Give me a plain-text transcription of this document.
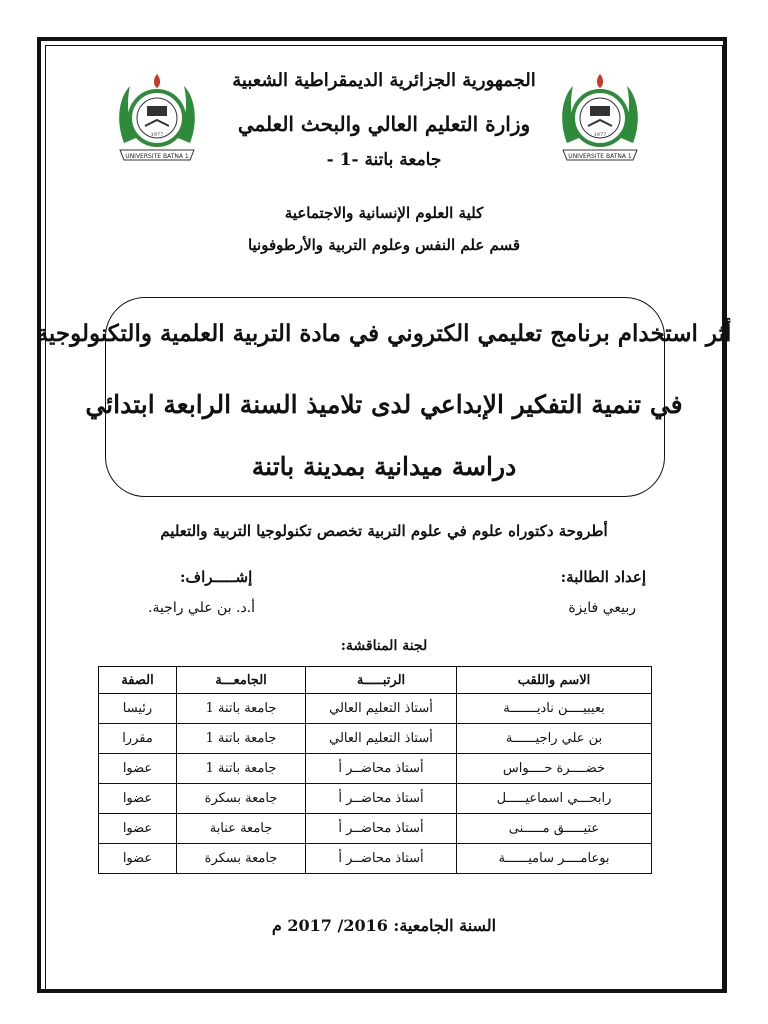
1977
UNIVERSITE BATNA 1
1977
UNIVERSITE BATNA 1
الجمهورية الجزائرية الديمقراطية الشعبية
وزارة التعليم العالي والبحث العلمي
جامعة باتنة -1 -
كلية العلوم الإنسانية والاجتماعية
قسم علم النفس وعلوم التربية والأرطوفونيا
أثر استخدام برنامج تعليمي الكتروني في مادة التربية العلمية والتكنولوجية
في تنمية التفكير الإبداعي لدى تلاميذ السنة الرابعة ابتدائي
دراسة ميدانية بمدينة باتنة
أطروحة دكتوراه علوم في علوم التربية تخصص تكنولوجيا التربية والتعليم
إعداد الطالبة:
ربيعي فايزة
إشـــــراف:
أ.د. بن علي راجية.
لجنة المناقشة:
الاسم واللقب	الرتبـــــة	الجامعـــة	الصفة
بعيبيــــن ناديـــــــة	أستاذ التعليم العالي	جامعة باتنة 1	رئيسا
بن علي راجيــــــة	أستاذ التعليم العالي	جامعة باتنة 1	مقررا
خضــــرة حــــواس	أستاذ محاضــر أ	جامعة باتنة 1	عضوا
رابحـــي اسماعيـــــل	أستاذ محاضــر أ	جامعة بسكرة	عضوا
عتيـــــق مـــــنى	أستاذ محاضــر أ	جامعة عنابة	عضوا
بوعامــــر ساميــــــة	أستاذ محاضــر أ	جامعة بسكرة	عضوا
السنة الجامعية: 2016/ 2017 م
